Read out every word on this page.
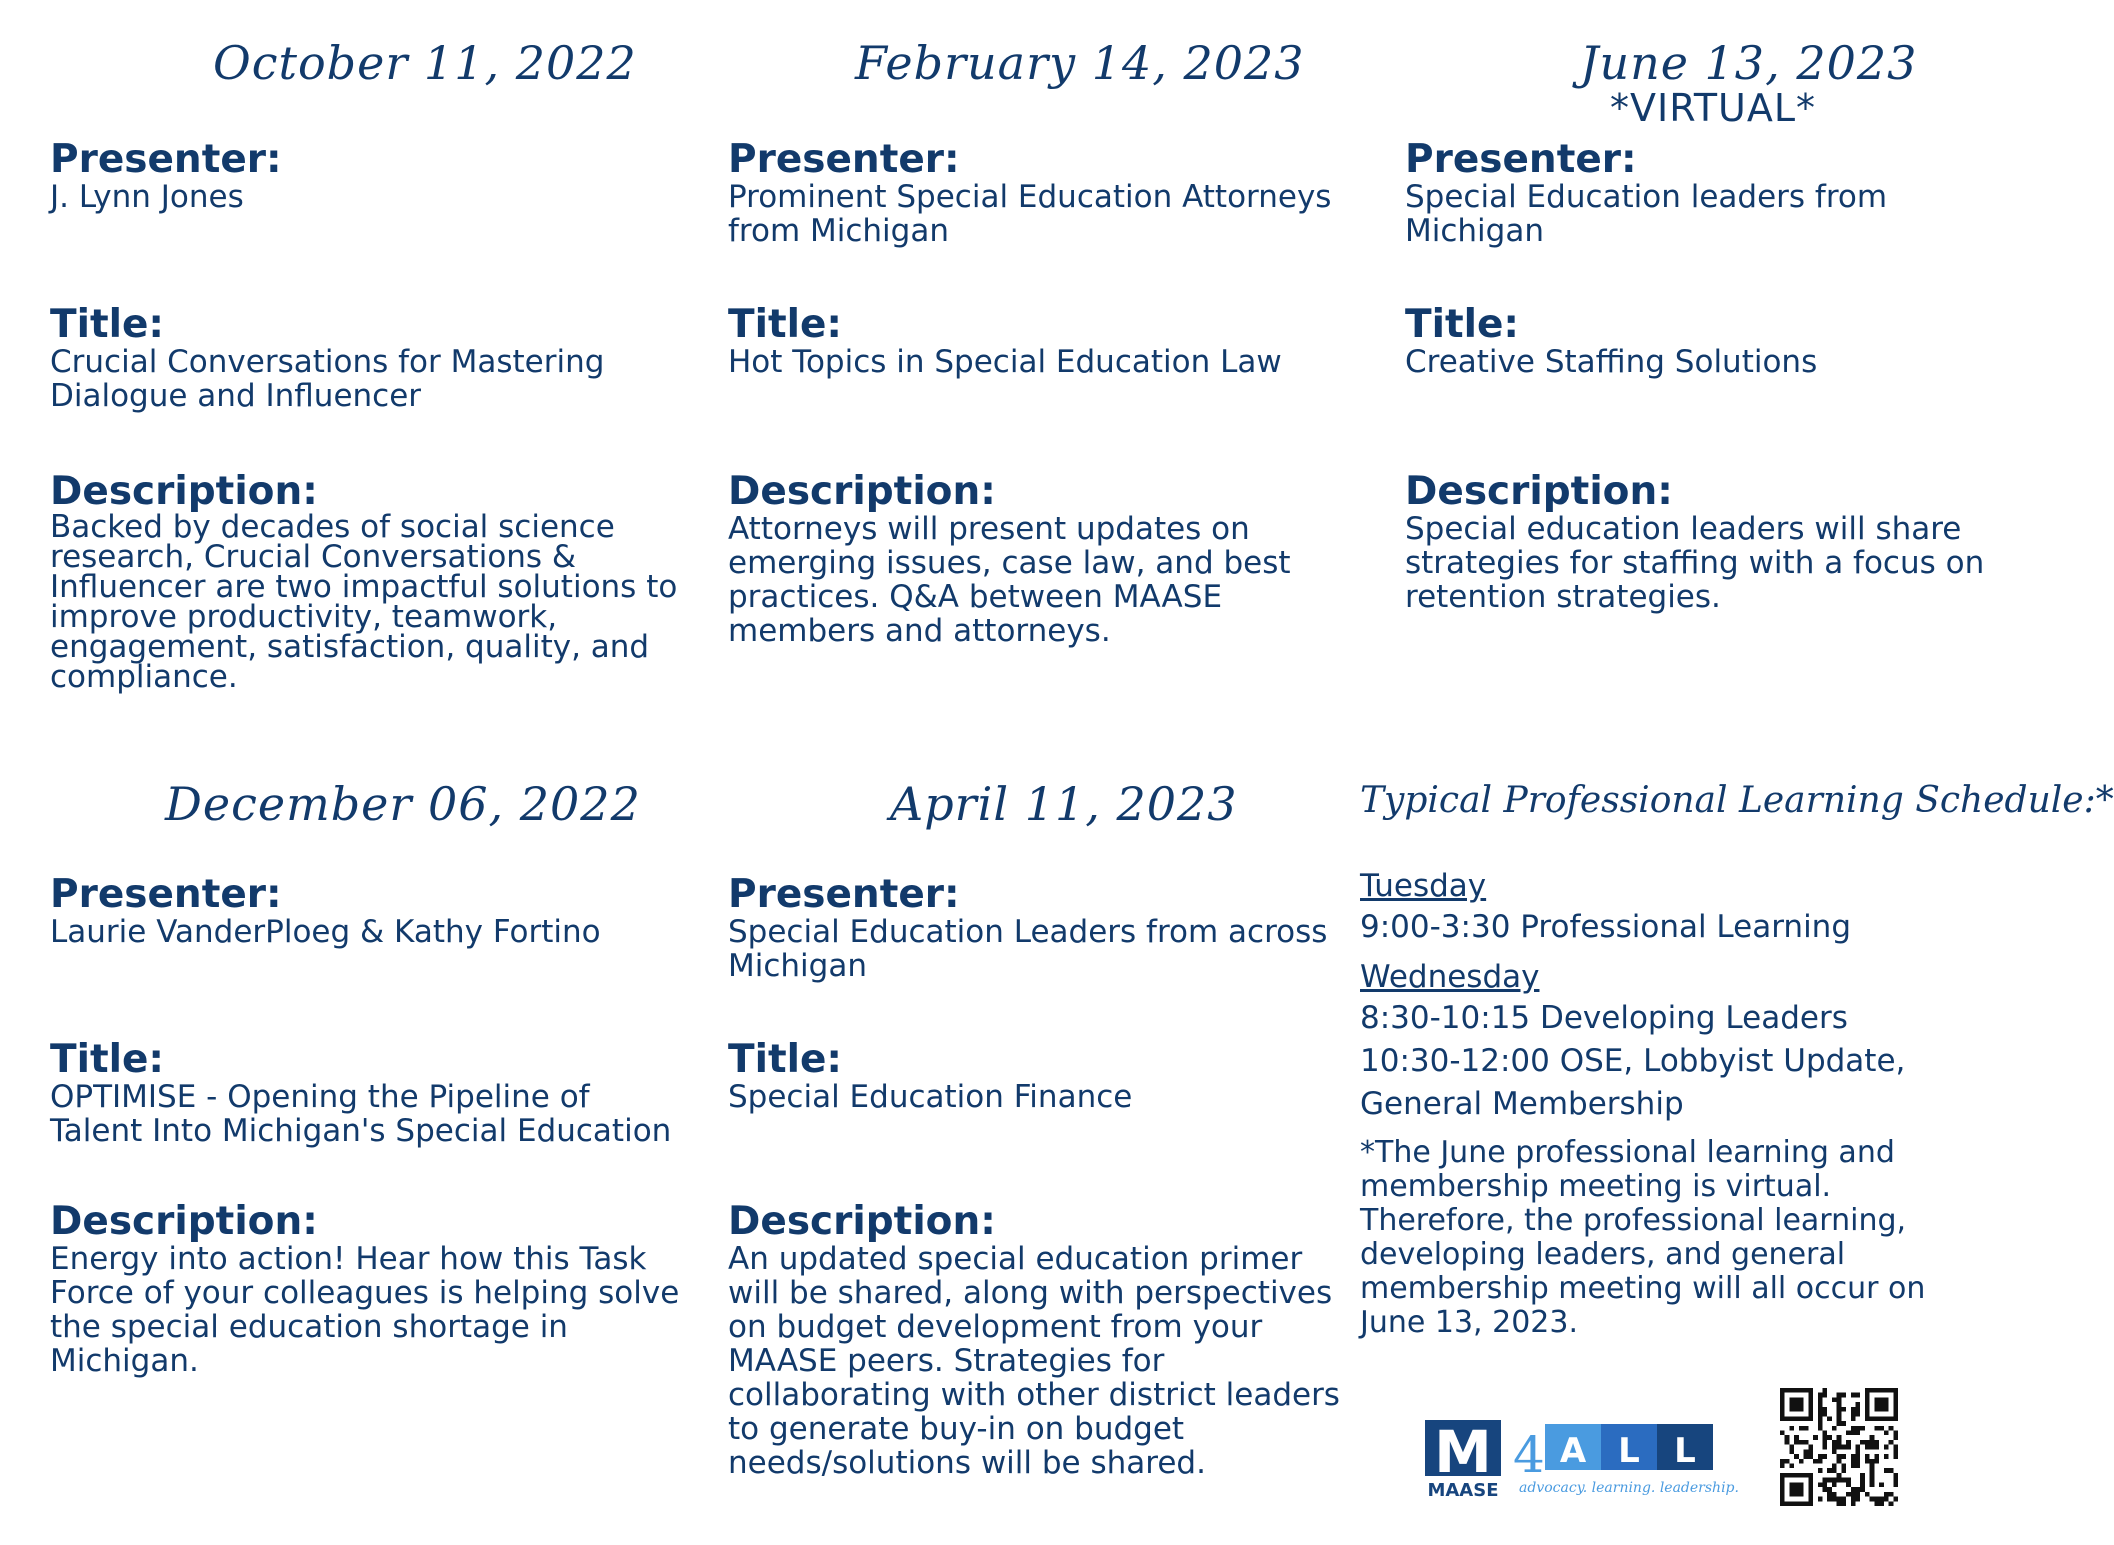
October 11, 2022
Presenter:
J. Lynn Jones
Title:
Crucial Conversations for Mastering Dialogue and Influencer
Description:
Backed by decades of social science research, Crucial Conversations & Influencer are two impactful solutions to improve productivity, teamwork, engagement, satisfaction, quality, and compliance.
February 14, 2023
Presenter:
Prominent Special Education Attorneys from Michigan
Title:
Hot Topics in Special Education Law
Description:
Attorneys will present updates on emerging issues, case law, and best practices. Q&A between MAASE members and attorneys.
June 13, 2023
*VIRTUAL*
Presenter:
Special Education leaders from Michigan
Title:
Creative Staffing Solutions
Description:
Special education leaders will share strategies for staffing with a focus on retention strategies.
December 06, 2022
Presenter:
Laurie VanderPloeg & Kathy Fortino
Title:
OPTIMISE - Opening the Pipeline of Talent Into Michigan's Special Education
Description:
Energy into action! Hear how this Task Force of your colleagues is helping solve the special education shortage in Michigan.
April 11, 2023
Presenter:
Special Education Leaders from across Michigan
Title:
Special Education Finance
Description:
An updated special education primer will be shared, along with perspectives on budget development from your MAASE peers. Strategies for collaborating with other district leaders to generate buy-in on budget needs/solutions will be shared.
Typical Professional Learning Schedule:*
Tuesday
9:00-3:30 Professional Learning
Wednesday
8:30-10:15 Developing Leaders
10:30-12:00 OSE, Lobbyist Update, General Membership
*The June professional learning and membership meeting is virtual. Therefore, the professional learning, developing leaders, and general membership meeting will all occur on June 13, 2023.
M
MAASE
4 A L L
advocacy. learning. leadership.
